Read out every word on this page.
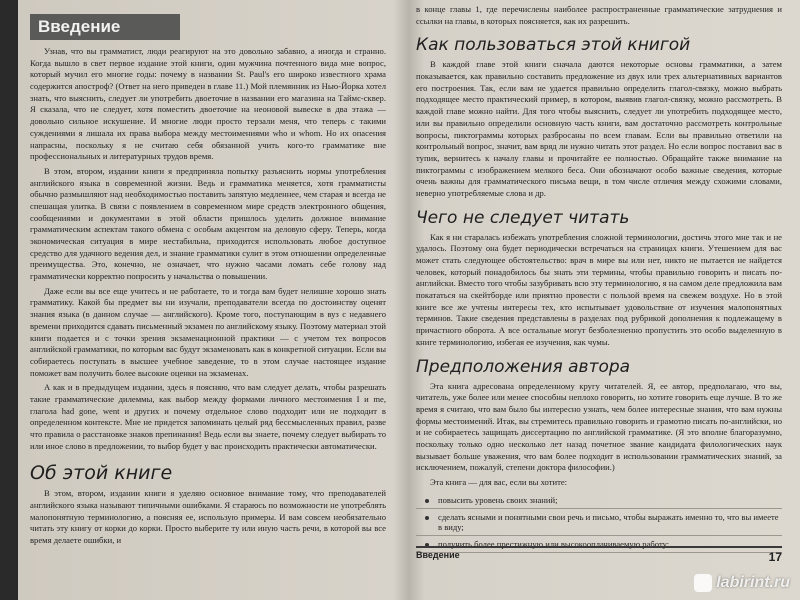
Введение

Узнав, что вы грамматист, люди реагируют на это довольно забавно, а иногда и странно. Когда вышло в свет первое издание этой книги, один мужчина почтенного вида мне вопрос, который мучил его многие годы: почему в названии St. Paul's его широко известного храма содержится апостроф? (Ответ на него приведен в главе 11.) Мой племянник из Нью-Йорка хотел знать, что выяснить, следует ли употребить двоеточие в названии его магазина на Таймс-сквер. Я сказала, что не следует, хотя поместить двоеточие на неоновой вывеске в два этажа — довольно сильное искушение. И многие люди просто терзали меня, что теперь с такими суждениями я лишала их права выбора между местоимениями who и whom. Но их опасения напрасны, поскольку я не считаю себя обязанной учить кого-то грамматике вне профессиональных и литературных трудов время.

В этом, втором, издании книги я предприняла попытку разъяснить нормы употребления английского языка в современной жизни. Ведь и грамматика меняется, хотя грамматисты обычно размышляют над необходимостью поставить запятую медленнее, чем старая и всегда не спешащая улитка. В связи с появлением в современном мире средств электронного общения, сообщениями и документами в этой области пришлось уделить должное внимание грамматическим аспектам такого обмена с особым акцентом на деловую сферу. Теперь, когда экономическая ситуация в мире нестабильна, приходится использовать любое доступное средство для удачного ведения дел, и знание грамматики сулит в этом отношении определенные преимущества. Это, конечно, не означает, что нужно часами ломать себе голову над грамматически корректно попросить у начальства о повышении.

Даже если вы все еще учитесь и не работаете, то и тогда вам будет нелишне хорошо знать грамматику. Какой бы предмет вы ни изучали, преподаватели всегда по достоинству оценят знания языка (в данном случае — английского). Кроме того, поступающим в вуз с недавнего времени приходится сдавать письменный экзамен по английскому языку. Поэтому материал этой книги подается и с точки зрения экзаменационной практики — с учетом тех вопросов английской грамматики, по которым вас будут экзаменовать как в конкретной ситуации. Если вы собираетесь поступать в высшее учебное заведение, то в этом случае настоящее издание поможет вам получить более высокие оценки на экзаменах.

А как и в предыдущем издании, здесь я поясняю, что вам следует делать, чтобы разрешать такие грамматические дилеммы, как выбор между формами личного местоимения I и me, глагола had gone, went и других и почему отдельное слово подходит или не подходит в определенном контексте. Мне не придется запоминать целый ряд бессмысленных правил, разве что правила о расстановке знаков препинания! Ведь если вы знаете, почему следует выбирать то или иное слово в предложении, то выбор будет у вас происходить практически автоматически.

Об этой книге

В этом, втором, издании книги я уделяю основное внимание тому, что преподавателей английского языка называют типичными ошибками. Я стараюсь по возможности не употреблять малопонятную терминологию, а поясняя ее, использую примеры. И вам совсем необязательно читать эту книгу от корки до корки. Просто выберите ту или иную часть речи, в которой вы все время делаете ошибки, и

в конце главы 1, где перечислены наиболее распространенные грамматические затруднения и ссылки на главы, в которых поясняется, как их разрешить.

Как пользоваться этой книгой

В каждой главе этой книги сначала даются некоторые основы грамматики, а затем показывается, как правильно составить предложение из двух или трех альтернативных вариантов его построения. Так, если вам не удается правильно определить глагол-связку, можно выбрать подходящее место практический пример, в котором, выявив глагол-связку, можно рассмотреть. В каждой главе можно найти. Для того чтобы выяснить, следует ли употребить подходящее место, или вы правильно определили основную часть книги, вам достаточно рассмотреть контрольные вопросы, пиктограммы которых разбросаны по всем главам. Если вы правильно ответили на контрольный вопрос, значит, вам вряд ли нужно читать этот раздел. Но если вопрос поставил вас в тупик, вернитесь к началу главы и прочитайте ее полностью. Обращайте также внимание на пиктограммы с изображением мелкого беса. Они обозначают особо важные сведения, которые очень важны для грамматического письма вещи, в том числе отличия между схожими словами, неверно употребляемые слова и др.

Чего не следует читать

Как я ни старалась избежать употребления сложной терминологии, достичь этого мне так и не удалось. Поэтому она будет периодически встречаться на страницах книги. Утешением для вас может стать следующее обстоятельство: врач в мире вы или нет, никто не пытается не найдется человек, который понадобилось бы знать эти термины, чтобы правильно говорить и писать по-английски. Вместо того чтобы зазубривать всю эту терминологию, я на самом деле предложила вам покататься на скейтборде или приятно провести с пользой время на свежем воздухе. Но в этой книге все же учтены интересы тех, кто испытывает удовольствие от изучения малопонятных терминов. Такие сведения представлены в разделах под рубрикой дополнения к подлежащему в причастного оборота. А все остальные могут безболезненно пропустить это особо выделенную в книге терминологию, избегая ее изучения, как чумы.

Предположения автора

Эта книга адресована определенному кругу читателей. Я, ее автор, предполагаю, что вы, читатель, уже более или менее способны неплохо говорить, но хотите говорить еще лучше. В то же время я считаю, что вам было бы интересно узнать, чем более интересные знания, что вам нужны формы местоимений. Итак, вы стремитесь правильно говорить и грамотно писать по-английски, но и не собираетесь защищать диссертацию по английской грамматике. (Я это вполне благоразумно, поскольку только одно несколько лет назад почетное звание кандидата филологических наук вызывает больше уважения, что вам более подходит в использовании грамматических знаний, за исключением, пожалуй, степени доктора философии.)

Эта книга — для вас, если вы хотите:

повысить уровень своих знаний;
сделать ясными и понятными свои речь и письмо, чтобы выражать именно то, что вы имеете в виду;
получить более престижную или высокооплачиваемую работу;
Введение	17
labirint.ru
